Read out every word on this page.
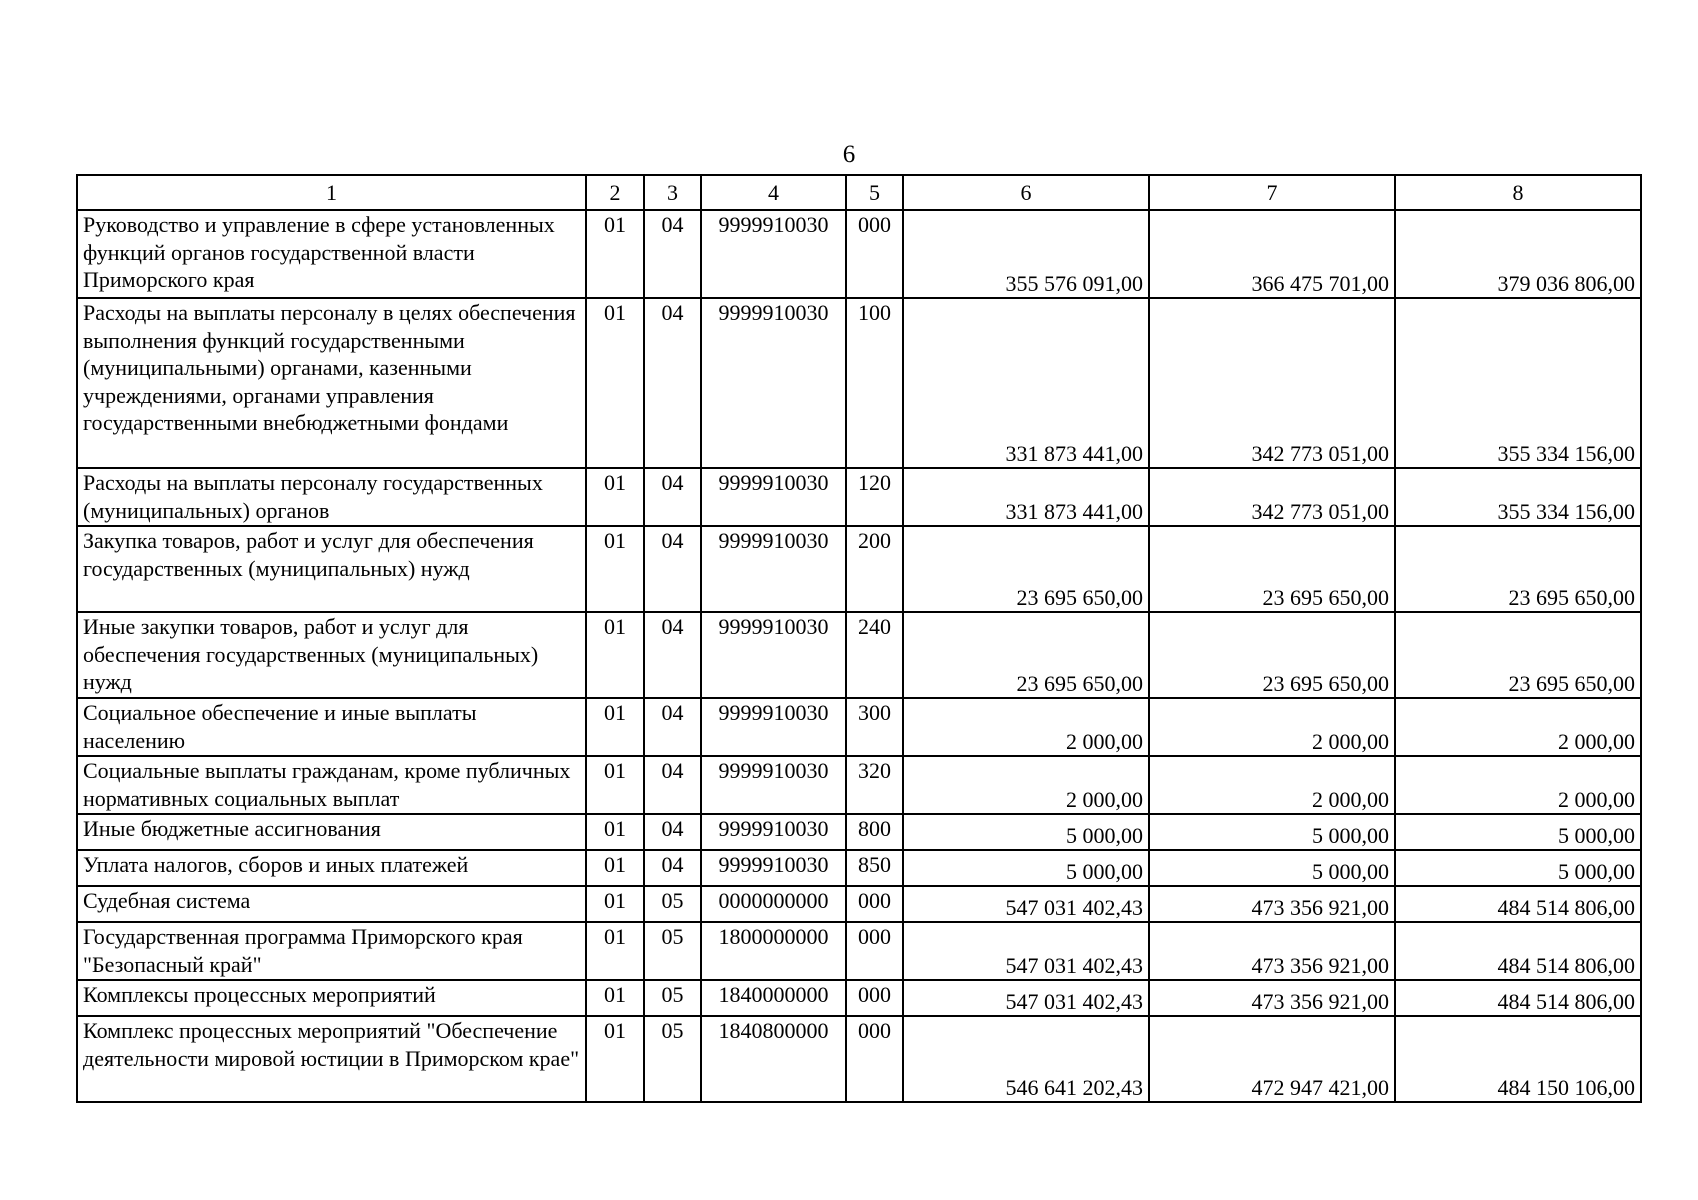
6
1	2	3	4	5	6	7	8
Руководство и управление в сфере установленных функций органов государственной власти Приморского края	01	04	9999910030	000	355 576 091,00	366 475 701,00	379 036 806,00
Расходы на выплаты персоналу в целях обеспечения выполнения функций государственными (муниципальными) органами, казенными учреждениями, органами управления государственными внебюджетными фондами	01	04	9999910030	100	331 873 441,00	342 773 051,00	355 334 156,00
Расходы на выплаты персоналу государственных (муниципальных) органов	01	04	9999910030	120	331 873 441,00	342 773 051,00	355 334 156,00
Закупка товаров, работ и услуг для обеспечения государственных (муниципальных) нужд	01	04	9999910030	200	23 695 650,00	23 695 650,00	23 695 650,00
Иные закупки товаров, работ и услуг для обеспечения государственных (муниципальных) нужд	01	04	9999910030	240	23 695 650,00	23 695 650,00	23 695 650,00
Социальное обеспечение и иные выплаты населению	01	04	9999910030	300	2 000,00	2 000,00	2 000,00
Социальные выплаты гражданам, кроме публичных нормативных социальных выплат	01	04	9999910030	320	2 000,00	2 000,00	2 000,00
Иные бюджетные ассигнования	01	04	9999910030	800	5 000,00	5 000,00	5 000,00
Уплата налогов, сборов и иных платежей	01	04	9999910030	850	5 000,00	5 000,00	5 000,00
Судебная система	01	05	0000000000	000	547 031 402,43	473 356 921,00	484 514 806,00
Государственная программа Приморского края "Безопасный край"	01	05	1800000000	000	547 031 402,43	473 356 921,00	484 514 806,00
Комплексы процессных мероприятий	01	05	1840000000	000	547 031 402,43	473 356 921,00	484 514 806,00
Комплекс процессных мероприятий "Обеспечение деятельности мировой юстиции в Приморском крае"	01	05	1840800000	000	546 641 202,43	472 947 421,00	484 150 106,00
